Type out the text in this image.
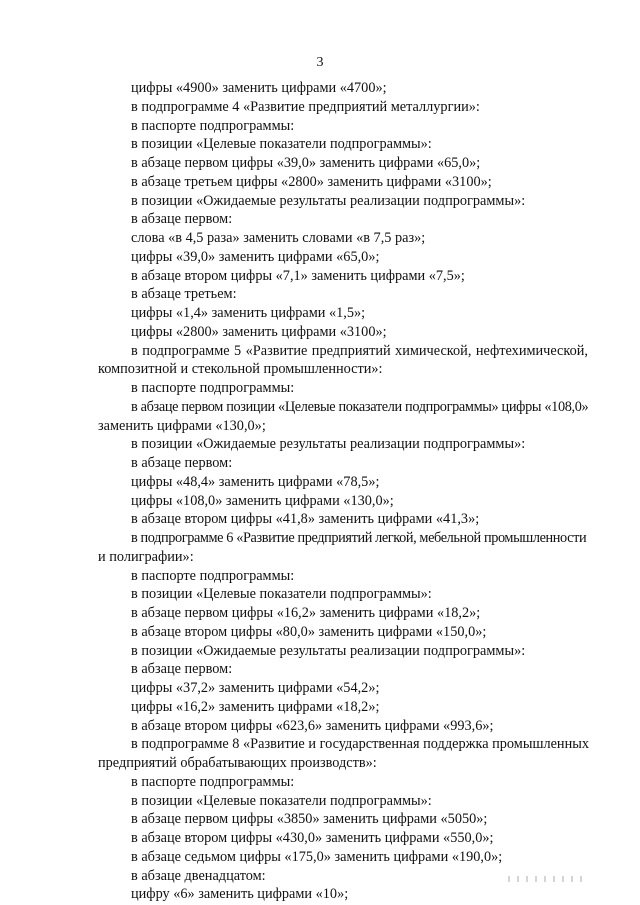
3
цифры «4900» заменить цифрами «4700»;
в подпрограмме 4 «Развитие предприятий металлургии»:
в паспорте подпрограммы:
в позиции «Целевые показатели подпрограммы»:
в абзаце первом цифры «39,0» заменить цифрами «65,0»;
в абзаце третьем цифры «2800» заменить цифрами «3100»;
в позиции «Ожидаемые результаты реализации подпрограммы»:
в абзаце первом:
слова «в 4,5 раза» заменить словами «в 7,5 раз»;
цифры «39,0» заменить цифрами «65,0»;
в абзаце втором цифры «7,1» заменить цифрами «7,5»;
в абзаце третьем:
цифры «1,4» заменить цифрами «1,5»;
цифры «2800» заменить цифрами «3100»;
в подпрограмме 5 «Развитие предприятий химической, нефтехимической,
композитной и стекольной промышленности»:
в паспорте подпрограммы:
в абзаце первом позиции «Целевые показатели подпрограммы» цифры «108,0»
заменить цифрами «130,0»;
в позиции «Ожидаемые результаты реализации подпрограммы»:
в абзаце первом:
цифры «48,4» заменить цифрами «78,5»;
цифры «108,0» заменить цифрами «130,0»;
в абзаце втором цифры «41,8» заменить цифрами «41,3»;
в подпрограмме 6 «Развитие предприятий легкой, мебельной промышленности
и полиграфии»:
в паспорте подпрограммы:
в позиции «Целевые показатели подпрограммы»:
в абзаце первом цифры «16,2» заменить цифрами «18,2»;
в абзаце втором цифры «80,0» заменить цифрами «150,0»;
в позиции «Ожидаемые результаты реализации подпрограммы»:
в абзаце первом:
цифры «37,2» заменить цифрами «54,2»;
цифры «16,2» заменить цифрами «18,2»;
в абзаце втором цифры «623,6» заменить цифрами «993,6»;
в подпрограмме 8 «Развитие и государственная поддержка промышленных
предприятий обрабатывающих производств»:
в паспорте подпрограммы:
в позиции «Целевые показатели подпрограммы»:
в абзаце первом цифры «3850» заменить цифрами «5050»;
в абзаце втором цифры «430,0» заменить цифрами «550,0»;
в абзаце седьмом цифры «175,0» заменить цифрами «190,0»;
в абзаце двенадцатом:
цифру «6» заменить цифрами «10»;
